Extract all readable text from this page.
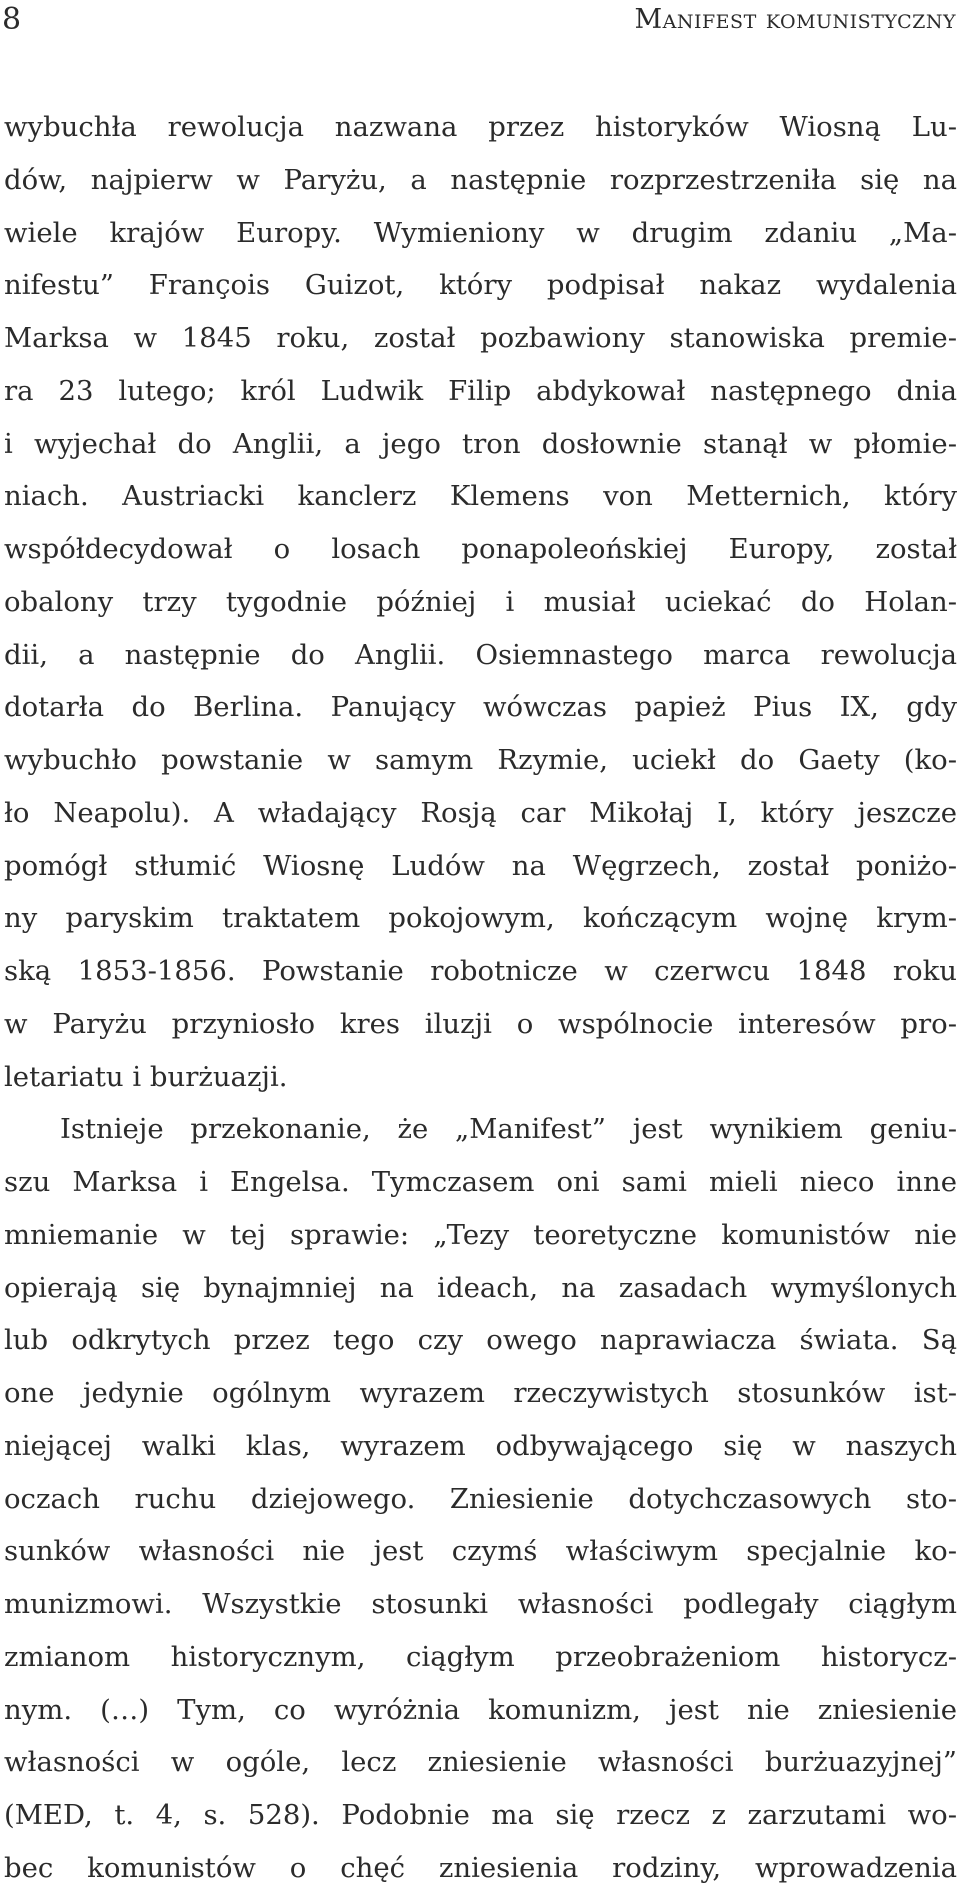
8	Manifest komunistyczny
wybuchła rewolucja nazwana przez historyków Wiosną Lu-
dów, najpierw w Paryżu, a następnie rozprzestrzeniła się na
wiele krajów Europy. Wymieniony w drugim zdaniu „Ma-
nifestu” François Guizot, który podpisał nakaz wydalenia
Marksa w 1845 roku, został pozbawiony stanowiska premie-
ra 23 lutego; król Ludwik Filip abdykował następnego dnia
i wyjechał do Anglii, a jego tron dosłownie stanął w płomie-
niach. Austriacki kanclerz Klemens von Metternich, który
współdecydował o losach ponapoleońskiej Europy, został
obalony trzy tygodnie później i musiał uciekać do Holan-
dii, a następnie do Anglii. Osiemnastego marca rewolucja
dotarła do Berlina. Panujący wówczas papież Pius IX, gdy
wybuchło powstanie w samym Rzymie, uciekł do Gaety (ko-
ło Neapolu). A władający Rosją car Mikołaj I, który jeszcze
pomógł stłumić Wiosnę Ludów na Węgrzech, został poniżo-
ny paryskim traktatem pokojowym, kończącym wojnę krym-
ską 1853-1856. Powstanie robotnicze w czerwcu 1848 roku
w Paryżu przyniosło kres iluzji o wspólnocie interesów pro-
letariatu i burżuazji.
Istnieje przekonanie, że „Manifest” jest wynikiem geniu-
szu Marksa i Engelsa. Tymczasem oni sami mieli nieco inne
mniemanie w tej sprawie: „Tezy teoretyczne komunistów nie
opierają się bynajmniej na ideach, na zasadach wymyślonych
lub odkrytych przez tego czy owego naprawiacza świata. Są
one jedynie ogólnym wyrazem rzeczywistych stosunków ist-
niejącej walki klas, wyrazem odbywającego się w naszych
oczach ruchu dziejowego. Zniesienie dotychczasowych sto-
sunków własności nie jest czymś właściwym specjalnie ko-
munizmowi. Wszystkie stosunki własności podlegały ciągłym
zmianom historycznym, ciągłym przeobrażeniom historycz-
nym. (…) Tym, co wyróżnia komunizm, jest nie zniesienie
własności w ogóle, lecz zniesienie własności burżuazyjnej”
(MED, t. 4, s. 528). Podobnie ma się rzecz z zarzutami wo-
bec komunistów o chęć zniesienia rodziny, wprowadzenia
